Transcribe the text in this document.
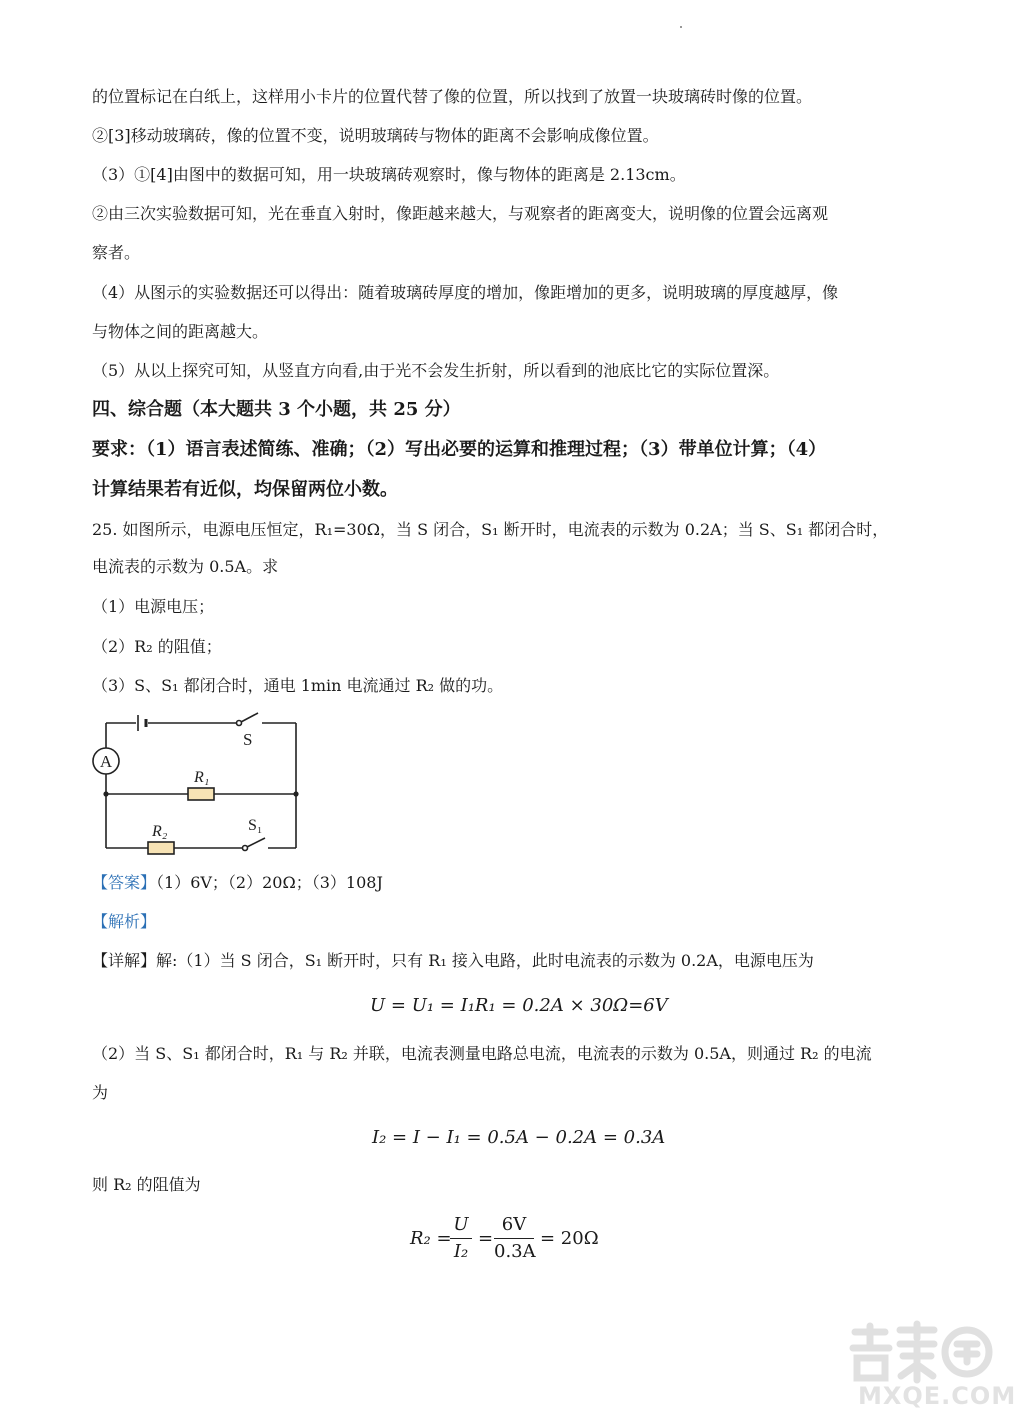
的位置标记在白纸上，这样用小卡片的位置代替了像的位置，所以找到了放置一块玻璃砖时像的位置。
②[3]移动玻璃砖，像的位置不变，说明玻璃砖与物体的距离不会影响成像位置。
（3）①[4]由图中的数据可知，用一块玻璃砖观察时，像与物体的距离是 2.13cm。
②由三次实验数据可知，光在垂直入射时，像距越来越大，与观察者的距离变大，说明像的位置会远离观
察者。
（4）从图示的实验数据还可以得出：随着玻璃砖厚度的增加，像距增加的更多，说明玻璃的厚度越厚，像
与物体之间的距离越大。
（5）从以上探究可知，从竖直方向看,由于光不会发生折射，所以看到的池底比它的实际位置深。
四、综合题（本大题共 3 个小题，共 25 分）
要求：（1）语言表述简练、准确；（2）写出必要的运算和推理过程；（3）带单位计算；（4）
计算结果若有近似，均保留两位小数。
25. 如图所示，电源电压恒定，R₁=30Ω，当 S 闭合，S₁ 断开时，电流表的示数为 0.2A；当 S、S₁ 都闭合时，
电流表的示数为 0.5A。求
（1）电源电压；
（2）R₂ 的阻值；
（3）S、S₁ 都闭合时，通电 1min 电流通过 R₂ 做的功。
A
S
R₁
R₂	S₁
【答案】（1）6V；（2）20Ω；（3）108J
【解析】
【详解】解:（1）当 S 闭合，S₁ 断开时，只有 R₁ 接入电路，此时电流表的示数为 0.2A，电源电压为
U = U₁ = I₁R₁ = 0.2A × 30Ω=6V
（2）当 S、S₁ 都闭合时，R₁ 与 R₂ 并联，电流表测量电路总电流，电流表的示数为 0.5A，则通过 R₂ 的电流
为
I₂ = I − I₁ = 0.5A − 0.2A = 0.3A
则 R₂ 的阻值为
R₂ =
U
I₂
=
6V
0.3A
= 20Ω
MXQE.COM
